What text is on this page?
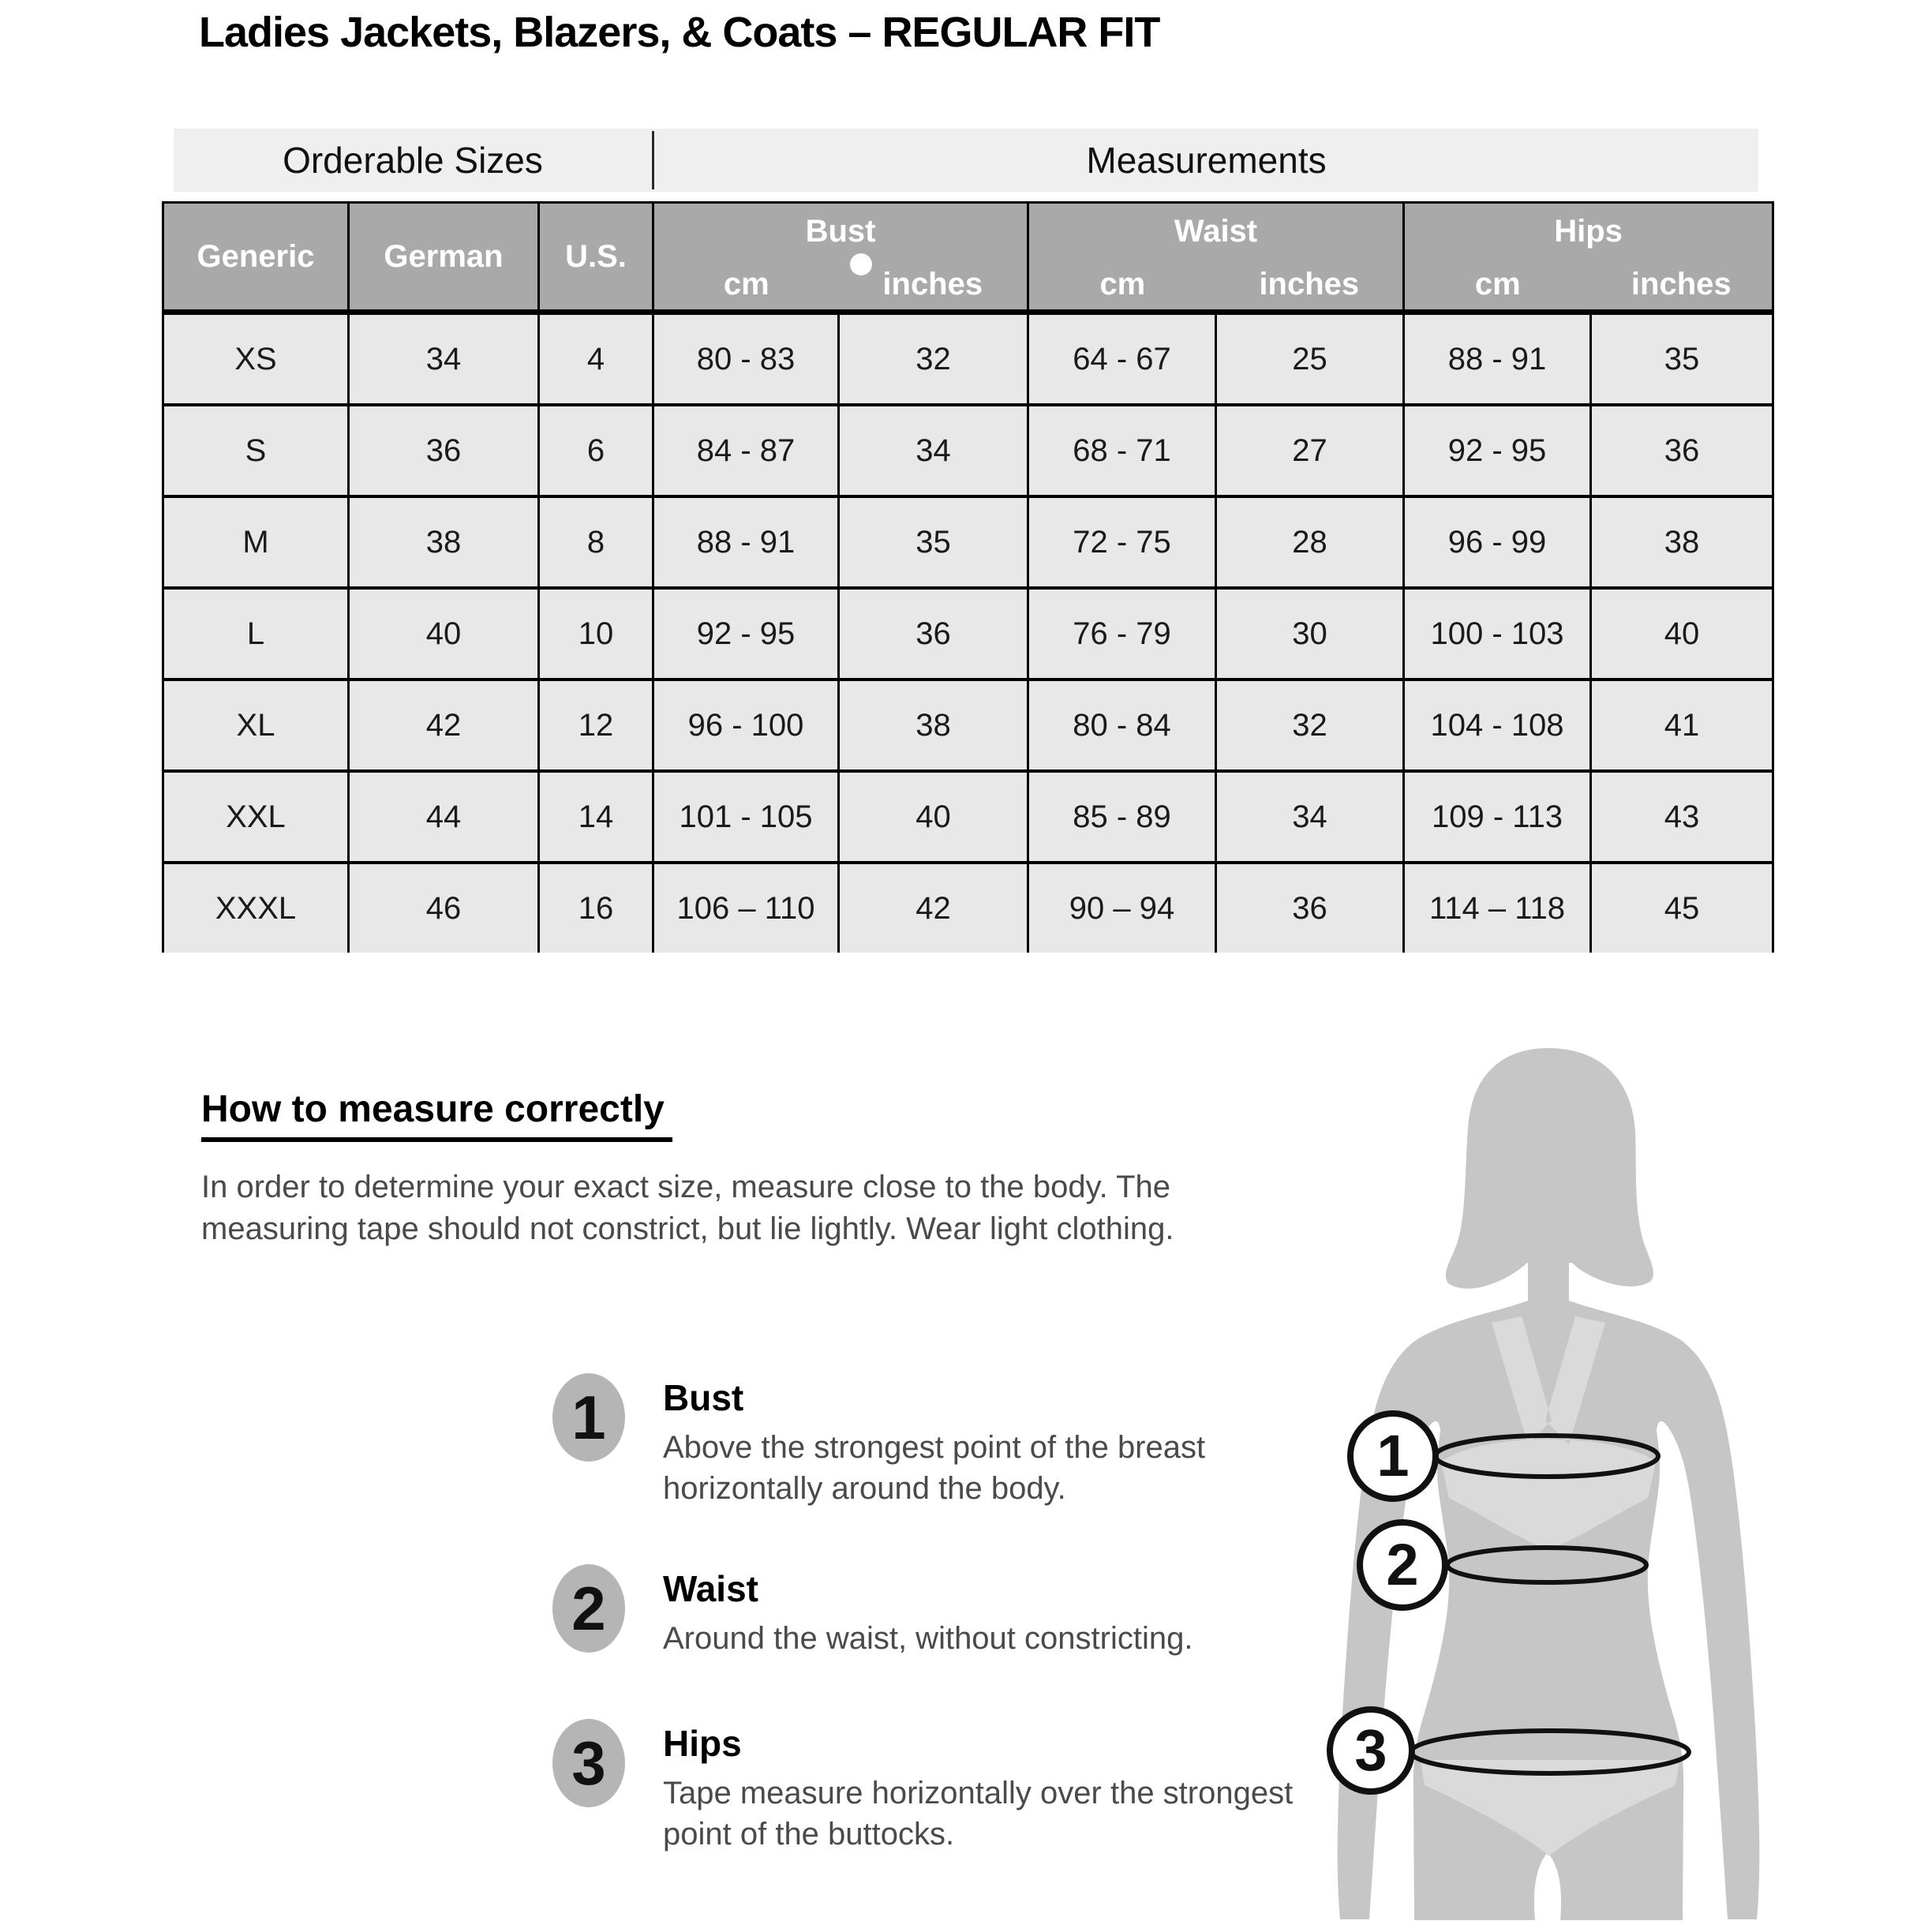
Ladies Jackets, Blazers, & Coats – REGULAR FIT
Orderable Sizes	Measurements
Generic	German	U.S.	Bust		Waist		Hips	
			cm	inches	cm	inches	cm	inches
XS	34	4	80 - 83	32	64 - 67	25	88 - 91	35
S	36	6	84 - 87	34	68 - 71	27	92 - 95	36
M	38	8	88 - 91	35	72 - 75	28	96 - 99	38
L	40	10	92 - 95	36	76 - 79	30	100 - 103	40
XL	42	12	96 - 100	38	80 - 84	32	104 - 108	41
XXL	44	14	101 - 105	40	85 - 89	34	109 - 113	43
XXXL	46	16	106 – 110	42	90 – 94	36	114 – 118	45
How to measure correctly
In order to determine your exact size, measure close to the body. The measuring tape should not constrict, but lie lightly. Wear light clothing.
1	Bust
Above the strongest point of the breast horizontally around the body.
2	Waist
Around the waist, without constricting.
3	Hips
Tape measure horizontally over the strongest point of the buttocks.
1
2
3
